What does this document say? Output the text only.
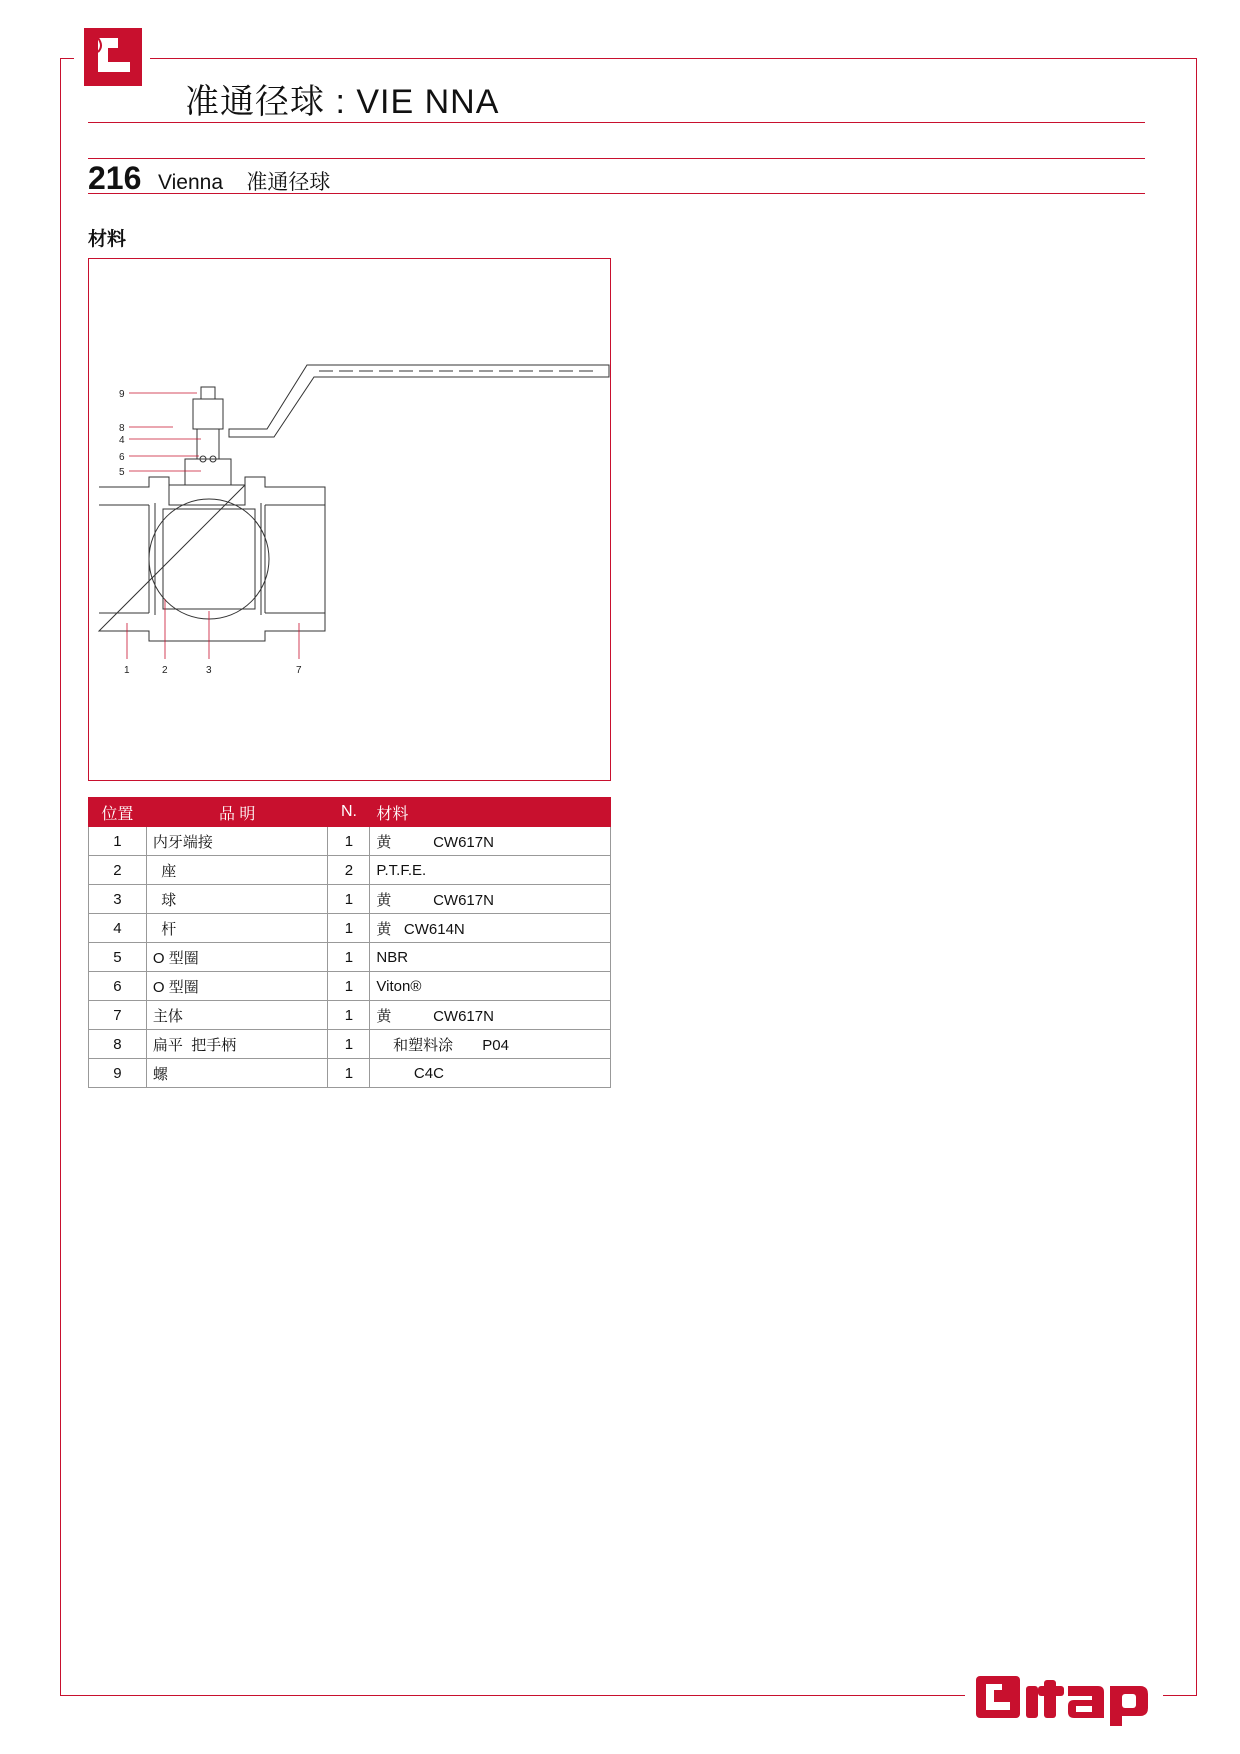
准通径球 : VIE NNA
216 Vienna    准通径球
材料
9
8
4
6
5
1	2	3	7
位置	品 明	N.	材料
1	内牙端接	1	黄          CW617N
2	座	2	P.T.F.E.
3	球	1	黄          CW617N
4	杆	1	黄   CW614N
5	O 型圈	1	NBR
6	O 型圈	1	Viton®
7	主体	1	黄          CW617N
8	扁平  把手柄	1	和塑料涂       P04
9	螺	1	C4C
